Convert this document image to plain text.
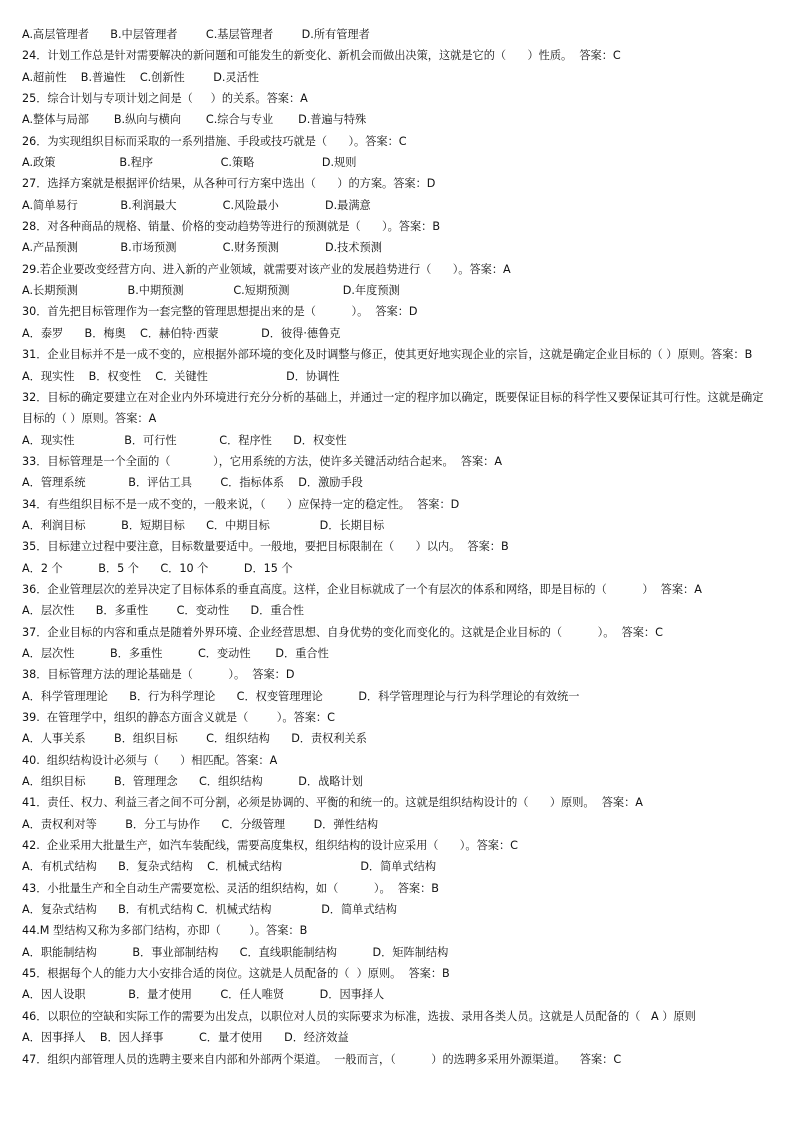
A.高层管理者      B.中层管理者        C.基层管理者        D.所有管理者
24．计划工作总是针对需要解决的新问题和可能发生的新变化、新机会而做出决策，这就是它的（      ）性质。  答案：C
A.超前性    B.普遍性    C.创新性        D.灵活性
25．综合计划与专项计划之间是（     ）的关系。答案：A
A.整体与局部       B.纵向与横向       C.综合与专业       D.普遍与特殊
26．为实现组织目标而采取的一系列措施、手段或技巧就是（      ）。答案：C
A.政策                  B.程序                   C.策略                   D.规则
27．选择方案就是根据评价结果，从各种可行方案中选出（      ）的方案。答案：D
A.简单易行            B.利润最大             C.风险最小             D.最满意
28．对各种商品的规格、销量、价格的变动趋势等进行的预测就是（      ）。答案：B
A.产品预测            B.市场预测             C.财务预测             D.技术预测
29.若企业要改变经营方向、进入新的产业领域，就需要对该产业的发展趋势进行（      ）。答案：A
A.长期预测              B.中期预测              C.短期预测               D.年度预测
30．首先把目标管理作为一套完整的管理思想提出来的是（          ）。  答案：D
A．泰罗      B．梅奥    C．赫伯特·西蒙            D．彼得·德鲁克
31．企业目标并不是一成不变的，应根据外部环境的变化及时调整与修正，使其更好地实现企业的宗旨，这就是确定企业目标的（ ）原则。答案：B
A．现实性    B．权变性    C．关键性                      D．协调性
32．目标的确定要建立在对企业内外环境进行充分分析的基础上，并通过一定的程序加以确定，既要保证目标的科学性又要保证其可行性。这就是确定目标的（ ）原则。答案：A
A．现实性              B．可行性            C．程序性      D．权变性
33．目标管理是一个全面的（            ），它用系统的方法，使许多关键活动结合起来。  答案：A
A．管理系统            B．评估工具        C．指标体系    D．激励手段
34．有些组织目标不是一成不变的，一般来说，（      ）应保持一定的稳定性。  答案：D
A．利润目标          B．短期目标      C．中期目标              D．长期目标
35．目标建立过程中要注意，目标数量要适中。一般地，要把目标限制在（      ）以内。  答案：B
A．2 个          B．5 个      C．10 个          D．15 个
36．企业管理层次的差异决定了目标体系的垂直高度。这样，企业目标就成了一个有层次的体系和网络，即是目标的（          ）  答案：A
A．层次性      B．多重性        C．变动性      D．重合性
37．企业目标的内容和重点是随着外界环境、企业经营思想、自身优势的变化而变化的。这就是企业目标的（          ）。  答案：C
A．层次性          B．多重性          C．变动性       D．重合性
38．目标管理方法的理论基础是（          ）。  答案：D
A．科学管理理论      B．行为科学理论      C．权变管理理论          D．科学管理理论与行为科学理论的有效统一
39.  在管理学中，组织的静态方面含义就是（        ）。答案：C
A．人事关系        B．组织目标        C．组织结构      D．责权利关系
40.  组织结构设计必须与（      ）相匹配。答案：A
A．组织目标        B．管理理念      C．组织结构          D．战略计划
41．责任、权力、利益三者之间不可分割，必须是协调的、平衡的和统一的。这就是组织结构设计的（      ）原则。  答案：A
A．责权利对等        B．分工与协作      C．分级管理        D．弹性结构
42.  企业采用大批量生产，如汽车装配线，需要高度集权，组织结构的设计应采用（      ）。答案：C
A．有机式结构      B．复杂式结构    C．机械式结构                      D．简单式结构
43．小批量生产和全自动生产需要宽松、灵活的组织结构，如（          ）。  答案：B
A．复杂式结构      B．有机式结构 C．机械式结构              D．简单式结构
44.M 型结构又称为多部门结构，亦即（        ）。答案：B
A．职能制结构          B．事业部制结构      C．直线职能制结构          D．矩阵制结构
45．根据每个人的能力大小安排合适的岗位。这就是人员配备的（  ）原则。  答案：B
A．因人设职            B．量才使用        C．任人唯贤          D．因事择人
46．以职位的空缺和实际工作的需要为出发点，以职位对人员的实际要求为标准，选拔、录用各类人员。这就是人员配备的（   A ）原则
A．因事择人    B．因人择事          C．量才使用      D．经济效益
47．组织内部管理人员的选聘主要来自内部和外部两个渠道。  一般而言，（          ）的选聘多采用外源渠道。    答案：C
